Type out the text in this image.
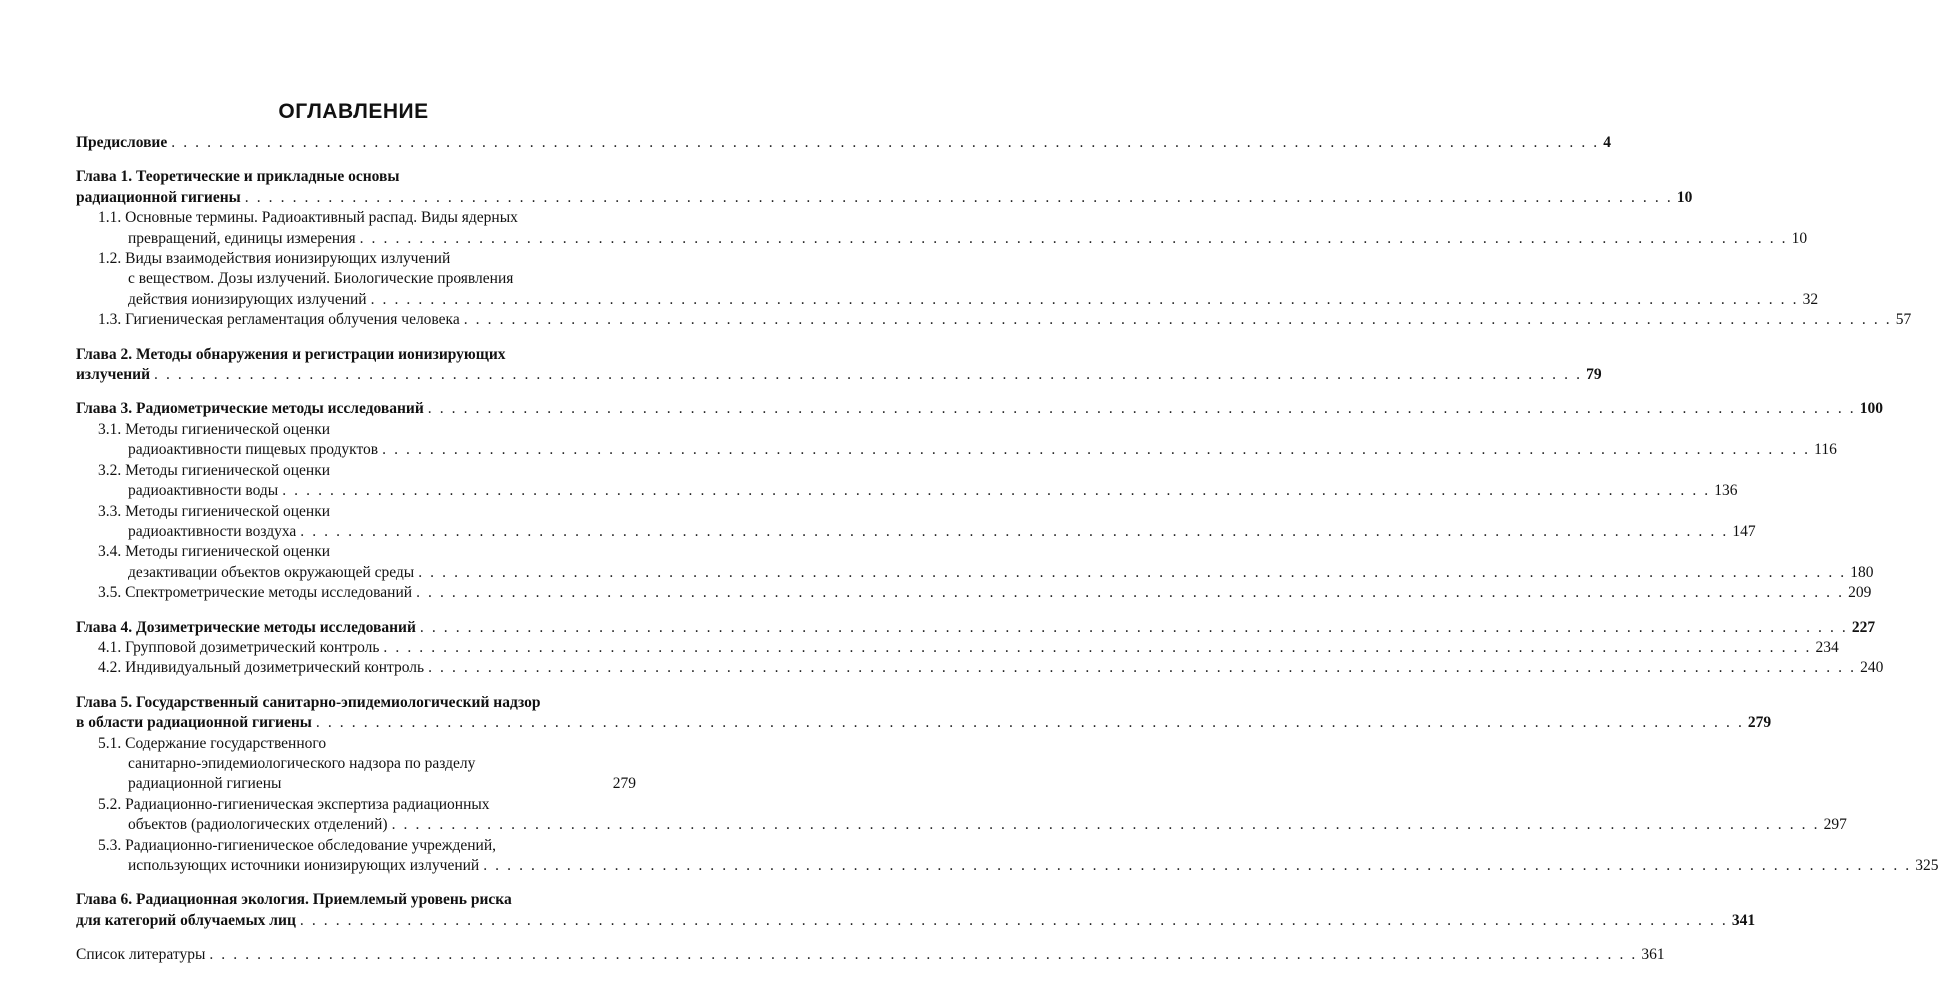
ОГЛАВЛЕНИЕ
Предисловие . . . . . . . . . . . . . . . . . . . . . . . . . . . . . . . . . . . . . . . . . . . . . . . . . . . . . . . . . . . . . . . . . . . . . . . . . . . . . . . . . . . . . . . . . . . . . . . . . . . . . . . . . . . . . . . . . . . . . . . . 4
Глава 1. Теоретические и прикладные основы
радиационной гигиены . . . . . . . . . . . . . . . . . . . . . . . . . . . . . . . . . . . . . . . . . . . . . . . . . . . . . . . . . . . . . . . . . . . . . . . . . . . . . . . . . . . . . . . . . . . . . . . . . . . . . . . . . . . . . . . . . . . . . . . . 10
1.1. Основные термины. Радиоактивный распад. Виды ядерных
превращений, единицы измерения . . . . . . . . . . . . . . . . . . . . . . . . . . . . . . . . . . . . . . . . . . . . . . . . . . . . . . . . . . . . . . . . . . . . . . . . . . . . . . . . . . . . . . . . . . . . . . . . . . . . . . . . . . . . . . . . . . . . . . . . 10
1.2. Виды взаимодействия ионизирующих излучений
с веществом. Дозы излучений. Биологические проявления
действия ионизирующих излучений . . . . . . . . . . . . . . . . . . . . . . . . . . . . . . . . . . . . . . . . . . . . . . . . . . . . . . . . . . . . . . . . . . . . . . . . . . . . . . . . . . . . . . . . . . . . . . . . . . . . . . . . . . . . . . . . . . . . . . . . 32
1.3. Гигиеническая регламентация облучения человека . . . . . . . . . . . . . . . . . . . . . . . . . . . . . . . . . . . . . . . . . . . . . . . . . . . . . . . . . . . . . . . . . . . . . . . . . . . . . . . . . . . . . . . . . . . . . . . . . . . . . . . . . . . . . . . . . . . . . . . . 57
Глава 2. Методы обнаружения и регистрации ионизирующих
излучений . . . . . . . . . . . . . . . . . . . . . . . . . . . . . . . . . . . . . . . . . . . . . . . . . . . . . . . . . . . . . . . . . . . . . . . . . . . . . . . . . . . . . . . . . . . . . . . . . . . . . . . . . . . . . . . . . . . . . . . . 79
Глава 3. Радиометрические методы исследований . . . . . . . . . . . . . . . . . . . . . . . . . . . . . . . . . . . . . . . . . . . . . . . . . . . . . . . . . . . . . . . . . . . . . . . . . . . . . . . . . . . . . . . . . . . . . . . . . . . . . . . . . . . . . . . . . . . . . . . . 100
3.1. Методы гигиенической оценки
радиоактивности пищевых продуктов . . . . . . . . . . . . . . . . . . . . . . . . . . . . . . . . . . . . . . . . . . . . . . . . . . . . . . . . . . . . . . . . . . . . . . . . . . . . . . . . . . . . . . . . . . . . . . . . . . . . . . . . . . . . . . . . . . . . . . . . 116
3.2. Методы гигиенической оценки
радиоактивности воды . . . . . . . . . . . . . . . . . . . . . . . . . . . . . . . . . . . . . . . . . . . . . . . . . . . . . . . . . . . . . . . . . . . . . . . . . . . . . . . . . . . . . . . . . . . . . . . . . . . . . . . . . . . . . . . . . . . . . . . . 136
3.3. Методы гигиенической оценки
радиоактивности воздуха . . . . . . . . . . . . . . . . . . . . . . . . . . . . . . . . . . . . . . . . . . . . . . . . . . . . . . . . . . . . . . . . . . . . . . . . . . . . . . . . . . . . . . . . . . . . . . . . . . . . . . . . . . . . . . . . . . . . . . . . 147
3.4. Методы гигиенической оценки
дезактивации объектов окружающей среды . . . . . . . . . . . . . . . . . . . . . . . . . . . . . . . . . . . . . . . . . . . . . . . . . . . . . . . . . . . . . . . . . . . . . . . . . . . . . . . . . . . . . . . . . . . . . . . . . . . . . . . . . . . . . . . . . . . . . . . . 180
3.5. Спектрометрические методы исследований . . . . . . . . . . . . . . . . . . . . . . . . . . . . . . . . . . . . . . . . . . . . . . . . . . . . . . . . . . . . . . . . . . . . . . . . . . . . . . . . . . . . . . . . . . . . . . . . . . . . . . . . . . . . . . . . . . . . . . . . 209
Глава 4. Дозиметрические методы исследований . . . . . . . . . . . . . . . . . . . . . . . . . . . . . . . . . . . . . . . . . . . . . . . . . . . . . . . . . . . . . . . . . . . . . . . . . . . . . . . . . . . . . . . . . . . . . . . . . . . . . . . . . . . . . . . . . . . . . . . . 227
4.1. Групповой дозиметрический контроль . . . . . . . . . . . . . . . . . . . . . . . . . . . . . . . . . . . . . . . . . . . . . . . . . . . . . . . . . . . . . . . . . . . . . . . . . . . . . . . . . . . . . . . . . . . . . . . . . . . . . . . . . . . . . . . . . . . . . . . . 234
4.2. Индивидуальный дозиметрический контроль . . . . . . . . . . . . . . . . . . . . . . . . . . . . . . . . . . . . . . . . . . . . . . . . . . . . . . . . . . . . . . . . . . . . . . . . . . . . . . . . . . . . . . . . . . . . . . . . . . . . . . . . . . . . . . . . . . . . . . . . 240
Глава 5. Государственный санитарно-эпидемиологический надзор
в области радиационной гигиены . . . . . . . . . . . . . . . . . . . . . . . . . . . . . . . . . . . . . . . . . . . . . . . . . . . . . . . . . . . . . . . . . . . . . . . . . . . . . . . . . . . . . . . . . . . . . . . . . . . . . . . . . . . . . . . . . . . . . . . . 279
5.1. Содержание государственного
санитарно-эпидемиологического надзора по разделу
радиационной гигиены	279
5.2. Радиационно-гигиеническая экспертиза радиационных
объектов (радиологических отделений) . . . . . . . . . . . . . . . . . . . . . . . . . . . . . . . . . . . . . . . . . . . . . . . . . . . . . . . . . . . . . . . . . . . . . . . . . . . . . . . . . . . . . . . . . . . . . . . . . . . . . . . . . . . . . . . . . . . . . . . . 297
5.3. Радиационно-гигиеническое обследование учреждений,
использующих источники ионизирующих излучений . . . . . . . . . . . . . . . . . . . . . . . . . . . . . . . . . . . . . . . . . . . . . . . . . . . . . . . . . . . . . . . . . . . . . . . . . . . . . . . . . . . . . . . . . . . . . . . . . . . . . . . . . . . . . . . . . . . . . . . . 325
Глава 6. Радиационная экология. Приемлемый уровень риска
для категорий облучаемых лиц . . . . . . . . . . . . . . . . . . . . . . . . . . . . . . . . . . . . . . . . . . . . . . . . . . . . . . . . . . . . . . . . . . . . . . . . . . . . . . . . . . . . . . . . . . . . . . . . . . . . . . . . . . . . . . . . . . . . . . . . 341
Список литературы . . . . . . . . . . . . . . . . . . . . . . . . . . . . . . . . . . . . . . . . . . . . . . . . . . . . . . . . . . . . . . . . . . . . . . . . . . . . . . . . . . . . . . . . . . . . . . . . . . . . . . . . . . . . . . . . . . . . . . . . 361
